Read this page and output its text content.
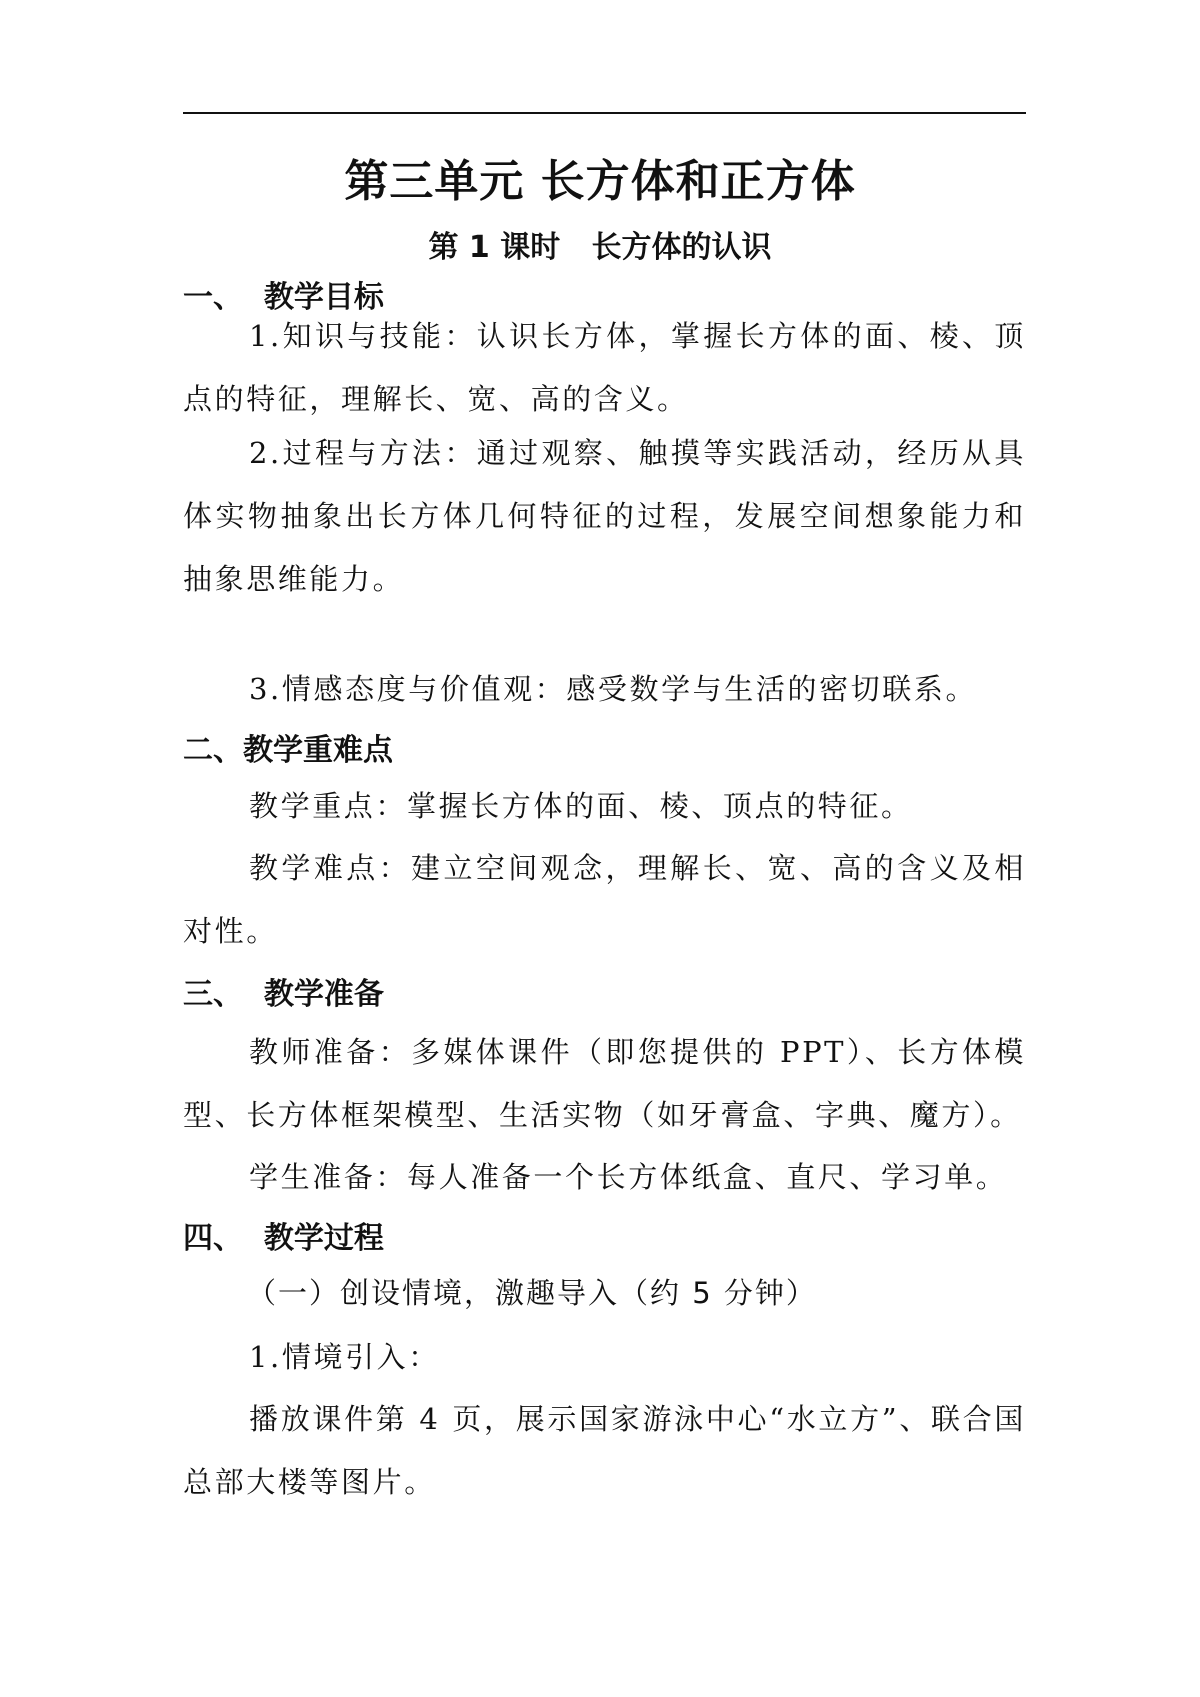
第三单元 长方体和正方体
第 1 课时   长方体的认识
一、  教学目标

1.知识与技能：认识长方体，掌握长方体的面、棱、顶点的特征，理解长、宽、高的含义。

2.过程与方法：通过观察、触摸等实践活动，经历从具体实物抽象出长方体几何特征的过程，发展空间想象能力和抽象思维能力。

3.情感态度与价值观：感受数学与生活的密切联系。

二、教学重难点

教学重点：掌握长方体的面、棱、顶点的特征。

教学难点：建立空间观念，理解长、宽、高的含义及相对性。

三、  教学准备

教师准备：多媒体课件（即您提供的 PPT）、长方体模型、长方体框架模型、生活实物（如牙膏盒、字典、魔方）。

学生准备：每人准备一个长方体纸盒、直尺、学习单。

四、  教学过程

（一）创设情境，激趣导入（约 5 分钟）

1.情境引入：

播放课件第 4 页，展示国家游泳中心“水立方”、联合国总部大楼等图片。
